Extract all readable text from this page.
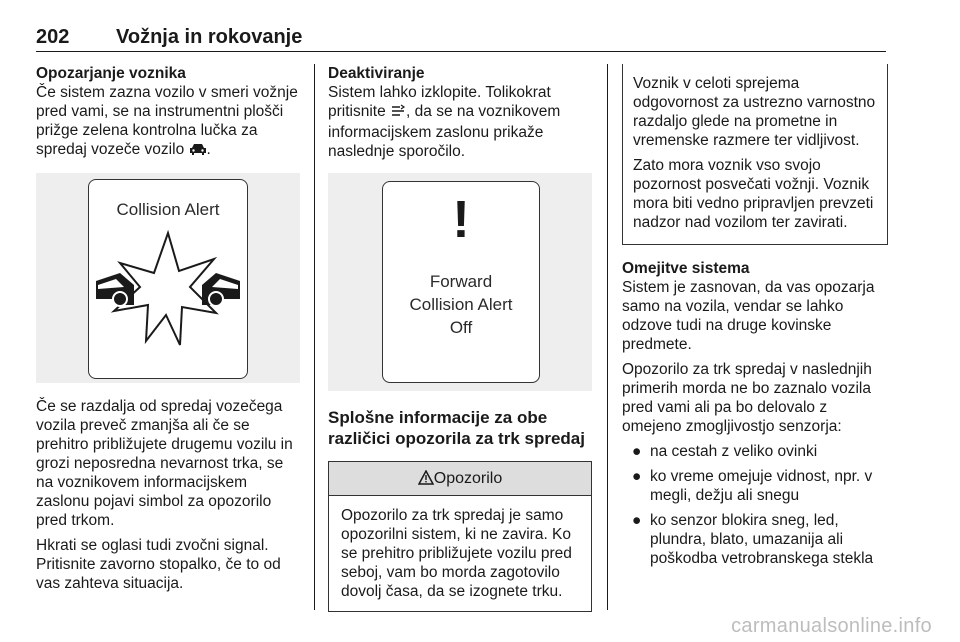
202 Vožnja in rokovanje
Opozarjanje voznika
Če sistem zazna vozilo v smeri vožnje pred vami, se na instrumentni plošči prižge zelena kontrolna lučka za spredaj vozeče vozilo .
Collision Alert
Če se razdalja od spredaj vozečega vozila preveč zmanjša ali če se prehitro približujete drugemu vozilu in grozi neposredna nevarnost trka, se na voznikovem informacijskem zaslonu pojavi simbol za opozorilo pred trkom.
Hkrati se oglasi tudi zvočni signal. Pritisnite zavorno stopalko, če to od vas zahteva situacija.
Deaktiviranje
Sistem lahko izklopite. Tolikokrat pritisnite , da se na voznikovem informacijskem zaslonu prikaže naslednje sporočilo.
!
Forward
Collision Alert
Off
Splošne informacije za obe različici opozorila za trk spredaj
Opozorilo
Opozorilo za trk spredaj je samo opozorilni sistem, ki ne zavira. Ko se prehitro približujete vozilu pred seboj, vam bo morda zagotovilo dovolj časa, da se izognete trku.
Voznik v celoti sprejema odgovornost za ustrezno varnostno razdaljo glede na prometne in vremenske razmere ter vidljivost.
Zato mora voznik vso svojo pozornost posvečati vožnji. Voznik mora biti vedno pripravljen prevzeti nadzor nad vozilom ter zavirati.
Omejitve sistema
Sistem je zasnovan, da vas opozarja samo na vozila, vendar se lahko odzove tudi na druge kovinske predmete.
Opozorilo za trk spredaj v naslednjih primerih morda ne bo zaznalo vozila pred vami ali pa bo delovalo z omejeno zmogljivostjo senzorja:
● na cestah z veliko ovinki
● ko vreme omejuje vidnost, npr. v megli, dežju ali snegu
● ko senzor blokira sneg, led, plundra, blato, umazanija ali poškodba vetrobranskega stekla
carmanualsonline.info
